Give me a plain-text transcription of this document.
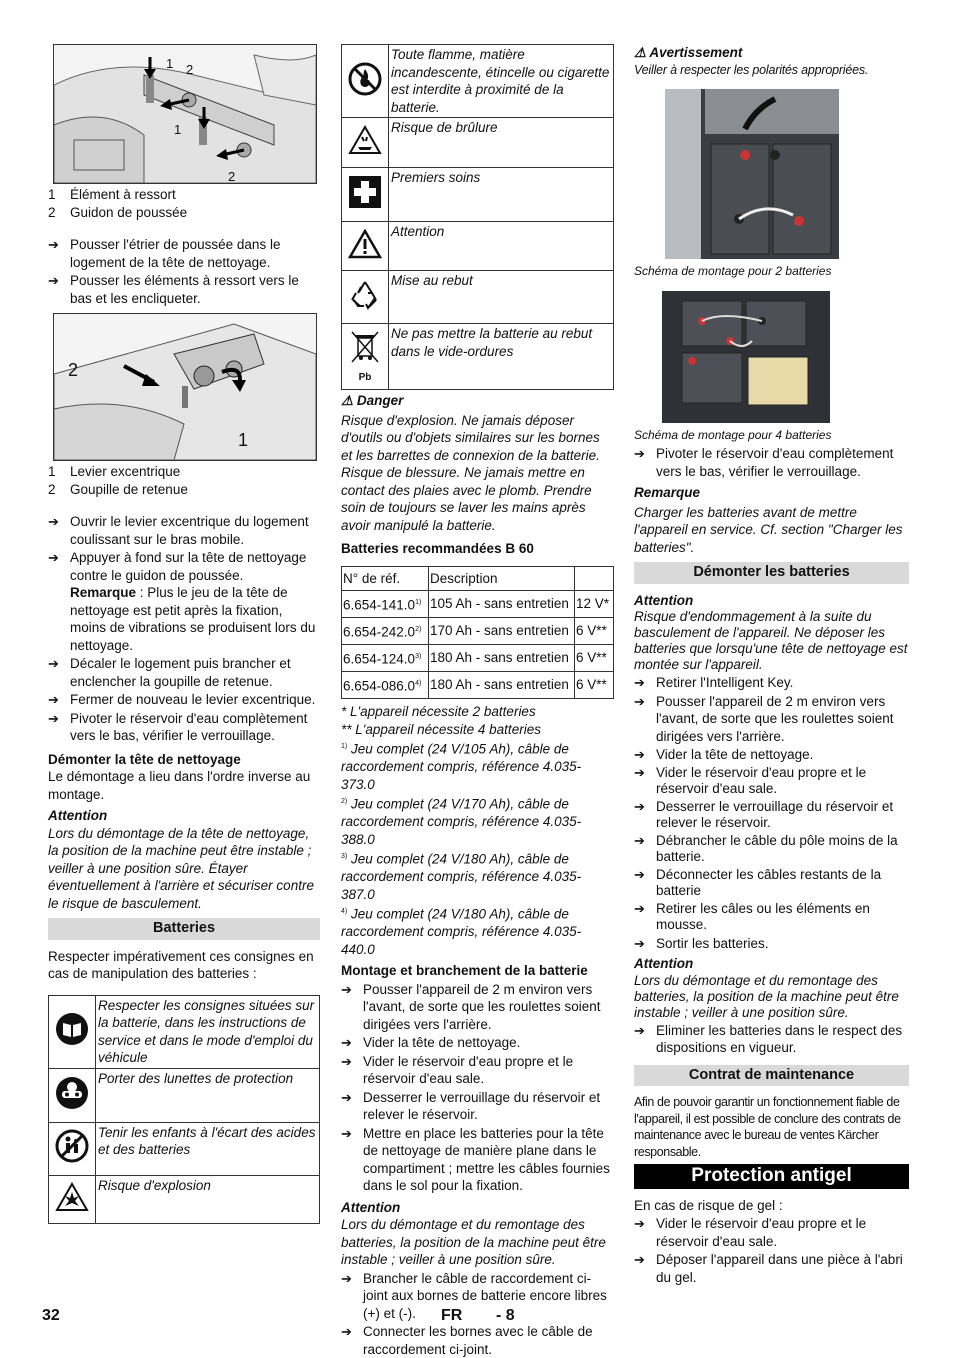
1 2
1
2
1	Élément à ressort
2	Guidon de poussée
➔ Pousser l'étrier de poussée dans le logement de la tête de nettoyage.
➔ Pousser les éléments à ressort vers le bas et les encliqueter.
2
1
1	Levier excentrique
2	Goupille de retenue
➔ Ouvrir le levier excentrique du logement coulissant sur le bras mobile.
➔ Appuyer à fond sur la tête de nettoyage contre le guidon de poussée.
Remarque : Plus le jeu de la tête de nettoyage est petit après la fixation, moins de vibrations se produisent lors du nettoyage.
➔ Décaler le logement puis brancher et enclencher la goupille de retenue.
➔ Fermer de nouveau le levier excentrique.
➔ Pivoter le réservoir d'eau complètement vers le bas, vérifier le verrouillage.
Démonter la tête de nettoyage
Le démontage a lieu dans l'ordre inverse au montage.
Attention
Lors du démontage de la tête de nettoyage, la position de la machine peut être instable ; veiller à une position sûre. Étayer éventuellement à l'arrière et sécuriser contre le risque de basculement.
Batteries
Respecter impérativement ces consignes en cas de manipulation des batteries :
	Respecter les consignes situées sur la batterie, dans les instructions de service et dans le mode d'emploi du véhicule
	Porter des lunettes de protection
	Tenir les enfants à l'écart des acides et des batteries
	Risque d'explosion
	Toute flamme, matière incandescente, étincelle ou cigarette est interdite à proximité de la batterie.
	Risque de brûlure
	Premiers soins
	Attention
	Mise au rebut

Pb	Ne pas mettre la batterie au rebut dans le vide-ordures
⚠ Danger
Risque d'explosion. Ne jamais déposer d'outils ou d'objets similaires sur les bornes et les barrettes de connexion de la batterie. Risque de blessure. Ne jamais mettre en contact des plaies avec le plomb. Prendre soin de toujours se laver les mains après avoir manipulé la batterie.
Batteries recommandées B 60
N° de réf.	Description	
6.654-141.0$^{1)}$	105 Ah - sans entretien	12 V*
6.654-242.0$^{2)}$	170 Ah - sans entretien	6 V**
6.654-124.0$^{3)}$	180 Ah - sans entretien	6 V**
6.654-086.0$^{4)}$	180 Ah - sans entretien	6 V**
* L'appareil nécessite 2 batteries
** L'appareil nécessite 4 batteries
$^{1)}$ Jeu complet (24 V/105 Ah), câble de raccordement compris, référence 4.035-373.0
$^{2)}$ Jeu complet (24 V/170 Ah), câble de raccordement compris, référence 4.035-388.0
$^{3)}$ Jeu complet (24 V/180 Ah), câble de raccordement compris, référence 4.035-387.0
$^{4)}$ Jeu complet (24 V/180 Ah), câble de raccordement compris, référence 4.035-440.0
Montage et branchement de la batterie
➔ Pousser l'appareil de 2 m environ vers l'avant, de sorte que les roulettes soient dirigées vers l'arrière.
➔ Vider la tête de nettoyage.
➔ Vider le réservoir d'eau propre et le réservoir d'eau sale.
➔ Desserrer le verrouillage du réservoir et relever le réservoir.
➔ Mettre en place les batteries pour la tête de nettoyage de manière plane dans le compartiment ; mettre les câbles fournies dans le sol pour la fixation.
Attention
Lors du démontage et du remontage des batteries, la position de la machine peut être instable ; veiller à une position sûre.
➔ Brancher le câble de raccordement ci-joint aux bornes de batterie encore libres (+) et (-).
➔ Connecter les bornes avec le câble de raccordement ci-joint.
⚠ Avertissement
Veiller à respecter les polarités appropriées.
Schéma de montage pour 2 batteries
Schéma de montage pour 4 batteries
➔ Pivoter le réservoir d'eau complètement vers le bas, vérifier le verrouillage.
Remarque
Charger les batteries avant de mettre l'appareil en service. Cf. section "Charger les batteries".
Démonter les batteries
Attention
Risque d'endommagement à la suite du basculement de l'appareil. Ne déposer les batteries que lorsqu'une tête de nettoyage est montée sur l'appareil.
➔ Retirer l'Intelligent Key.
➔ Pousser l'appareil de 2 m environ vers l'avant, de sorte que les roulettes soient dirigées vers l'arrière.
➔ Vider la tête de nettoyage.
➔ Vider le réservoir d'eau propre et le réservoir d'eau sale.
➔ Desserrer le verrouillage du réservoir et relever le réservoir.
➔ Débrancher le câble du pôle moins de la batterie.
➔ Déconnecter les câbles restants de la batterie
➔ Retirer les câles ou les éléments en mousse.
➔ Sortir les batteries.
Attention
Lors du démontage et du remontage des batteries, la position de la machine peut être instable ; veiller à une position sûre.
➔ Eliminer les batteries dans le respect des dispositions en vigueur.
Contrat de maintenance
Afin de pouvoir garantir un fonctionnement fiable de l'appareil, il est possible de conclure des contrats de maintenance avec le bureau de ventes Kärcher responsable.
Protection antigel
En cas de risque de gel :
➔ Vider le réservoir d'eau propre et le réservoir d'eau sale.
➔ Déposer l'appareil dans une pièce à l'abri du gel.
32	FR - 8
